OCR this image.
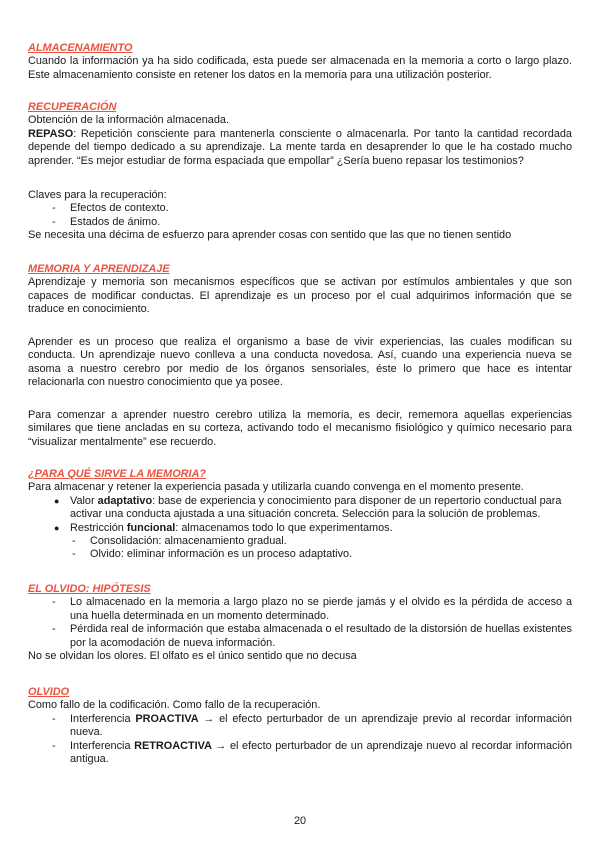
ALMACENAMIENTO

Cuando la información ya ha sido codificada, esta puede ser almacenada en la memoria a corto o largo plazo. Este almacenamiento consiste en retener los datos en la memoria para una utilización posterior.

RECUPERACIÓN

Obtención de la información almacenada.

REPASO: Repetición consciente para mantenerla consciente o almacenarla. Por tanto la cantidad recordada depende del tiempo dedicado a su aprendizaje. La mente tarda en desaprender lo que le ha costado mucho aprender. “Es mejor estudiar de forma espaciada que empollar” ¿Sería bueno repasar los testimonios?

Claves para la recuperación:

- Efectos de contexto.
- Estados de ánimo.

Se necesita una décima de esfuerzo para aprender cosas con sentido que las que no tienen sentido

MEMORIA Y APRENDIZAJE

Aprendizaje y memoria son mecanismos específicos que se activan por estímulos ambientales y que son capaces de modificar conductas. El aprendizaje es un proceso por el cual adquirimos información que se traduce en conocimiento.

Aprender es un proceso que realiza el organismo a base de vivir experiencias, las cuales modifican su conducta. Un aprendizaje nuevo conlleva a una conducta novedosa. Así, cuando una experiencia nueva se asoma a nuestro cerebro por medio de los órganos sensoriales, éste lo primero que hace es intentar relacionarla con nuestro conocimiento que ya posee.

Para comenzar a aprender nuestro cerebro utiliza la memoria, es decir, rememora aquellas experiencias similares que tiene ancladas en su corteza, activando todo el mecanismo fisiológico y químico necesario para “visualizar mentalmente” ese recuerdo.

¿PARA QUÉ SIRVE LA MEMORIA?

Para almacenar y retener la experiencia pasada y utilizarla cuando convenga en el momento presente.

● Valor adaptativo: base de experiencia y conocimiento para disponer de un repertorio conductual para activar una conducta ajustada a una situación concreta. Selección para la solución de problemas.
● Restricción funcional: almacenamos todo lo que experimentamos.
- Consolidación: almacenamiento gradual.
- Olvido: eliminar información es un proceso adaptativo.
EL OLVIDO: HIPÓTESIS
- Lo almacenado en la memoria a largo plazo no se pierde jamás y el olvido es la pérdida de acceso a una huella determinada en un momento determinado.
- Pérdida real de información que estaba almacenada o el resultado de la distorsión de huellas existentes por la acomodación de nueva información.

No se olvidan los olores. El olfato es el único sentido que no decusa

OLVIDO

Como fallo de la codificación. Como fallo de la recuperación.

- Interferencia PROACTIVA → el efecto perturbador de un aprendizaje previo al recordar información nueva.
- Interferencia RETROACTIVA → el efecto perturbador de un aprendizaje nuevo al recordar información antigua.
20
